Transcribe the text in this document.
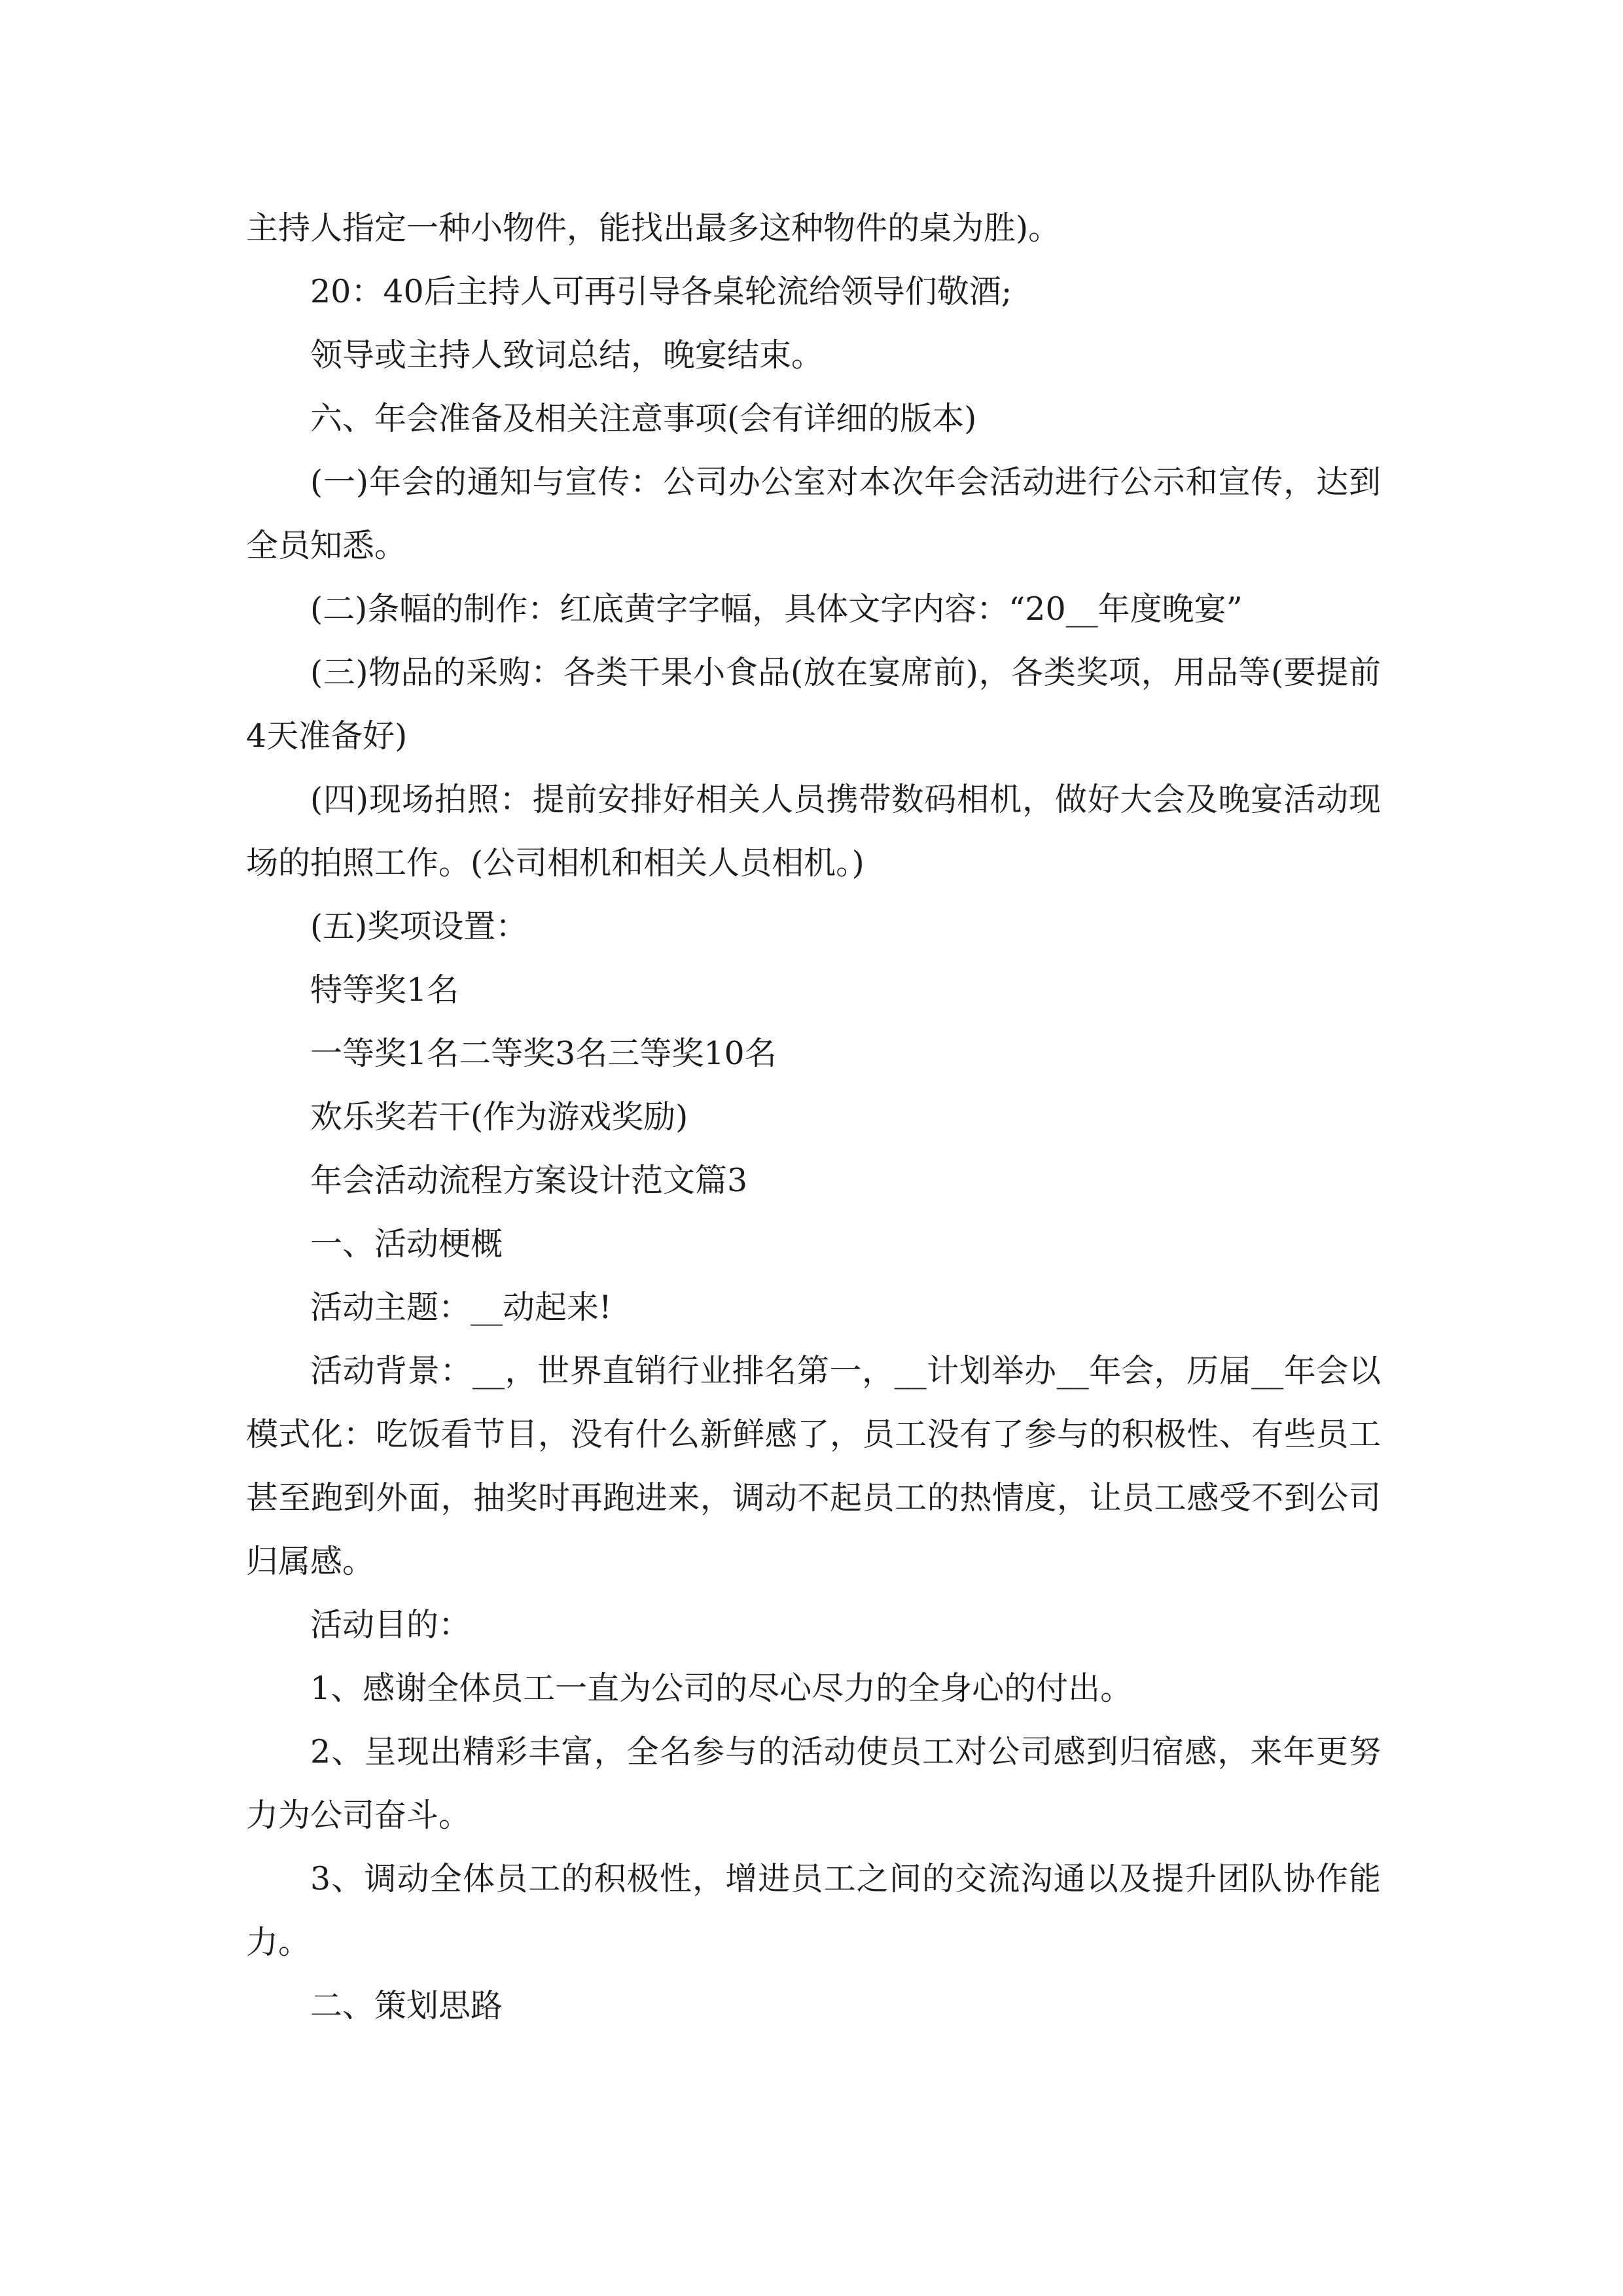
主持人指定一种小物件，能找出最多这种物件的桌为胜)。

20：40后主持人可再引导各桌轮流给领导们敬酒;

领导或主持人致词总结，晚宴结束。

六、年会准备及相关注意事项(会有详细的版本)

(一)年会的通知与宣传：公司办公室对本次年会活动进行公示和宣传，达到全员知悉。

(二)条幅的制作：红底黄字字幅，具体文字内容：“20__年度晚宴”

(三)物品的采购：各类干果小食品(放在宴席前)，各类奖项，用品等(要提前4天准备好)

(四)现场拍照：提前安排好相关人员携带数码相机，做好大会及晚宴活动现场的拍照工作。(公司相机和相关人员相机。)

(五)奖项设置：

特等奖1名

一等奖1名二等奖3名三等奖10名

欢乐奖若干(作为游戏奖励)

年会活动流程方案设计范文篇3

一、活动梗概

活动主题：__动起来!

活动背景：__，世界直销行业排名第一，__计划举办__年会，历届__年会以模式化：吃饭看节目，没有什么新鲜感了，员工没有了参与的积极性、有些员工甚至跑到外面，抽奖时再跑进来，调动不起员工的热情度，让员工感受不到公司归属感。

活动目的：

1、感谢全体员工一直为公司的尽心尽力的全身心的付出。

2、呈现出精彩丰富，全名参与的活动使员工对公司感到归宿感，来年更努力为公司奋斗。

3、调动全体员工的积极性，增进员工之间的交流沟通以及提升团队协作能力。

二、策划思路
